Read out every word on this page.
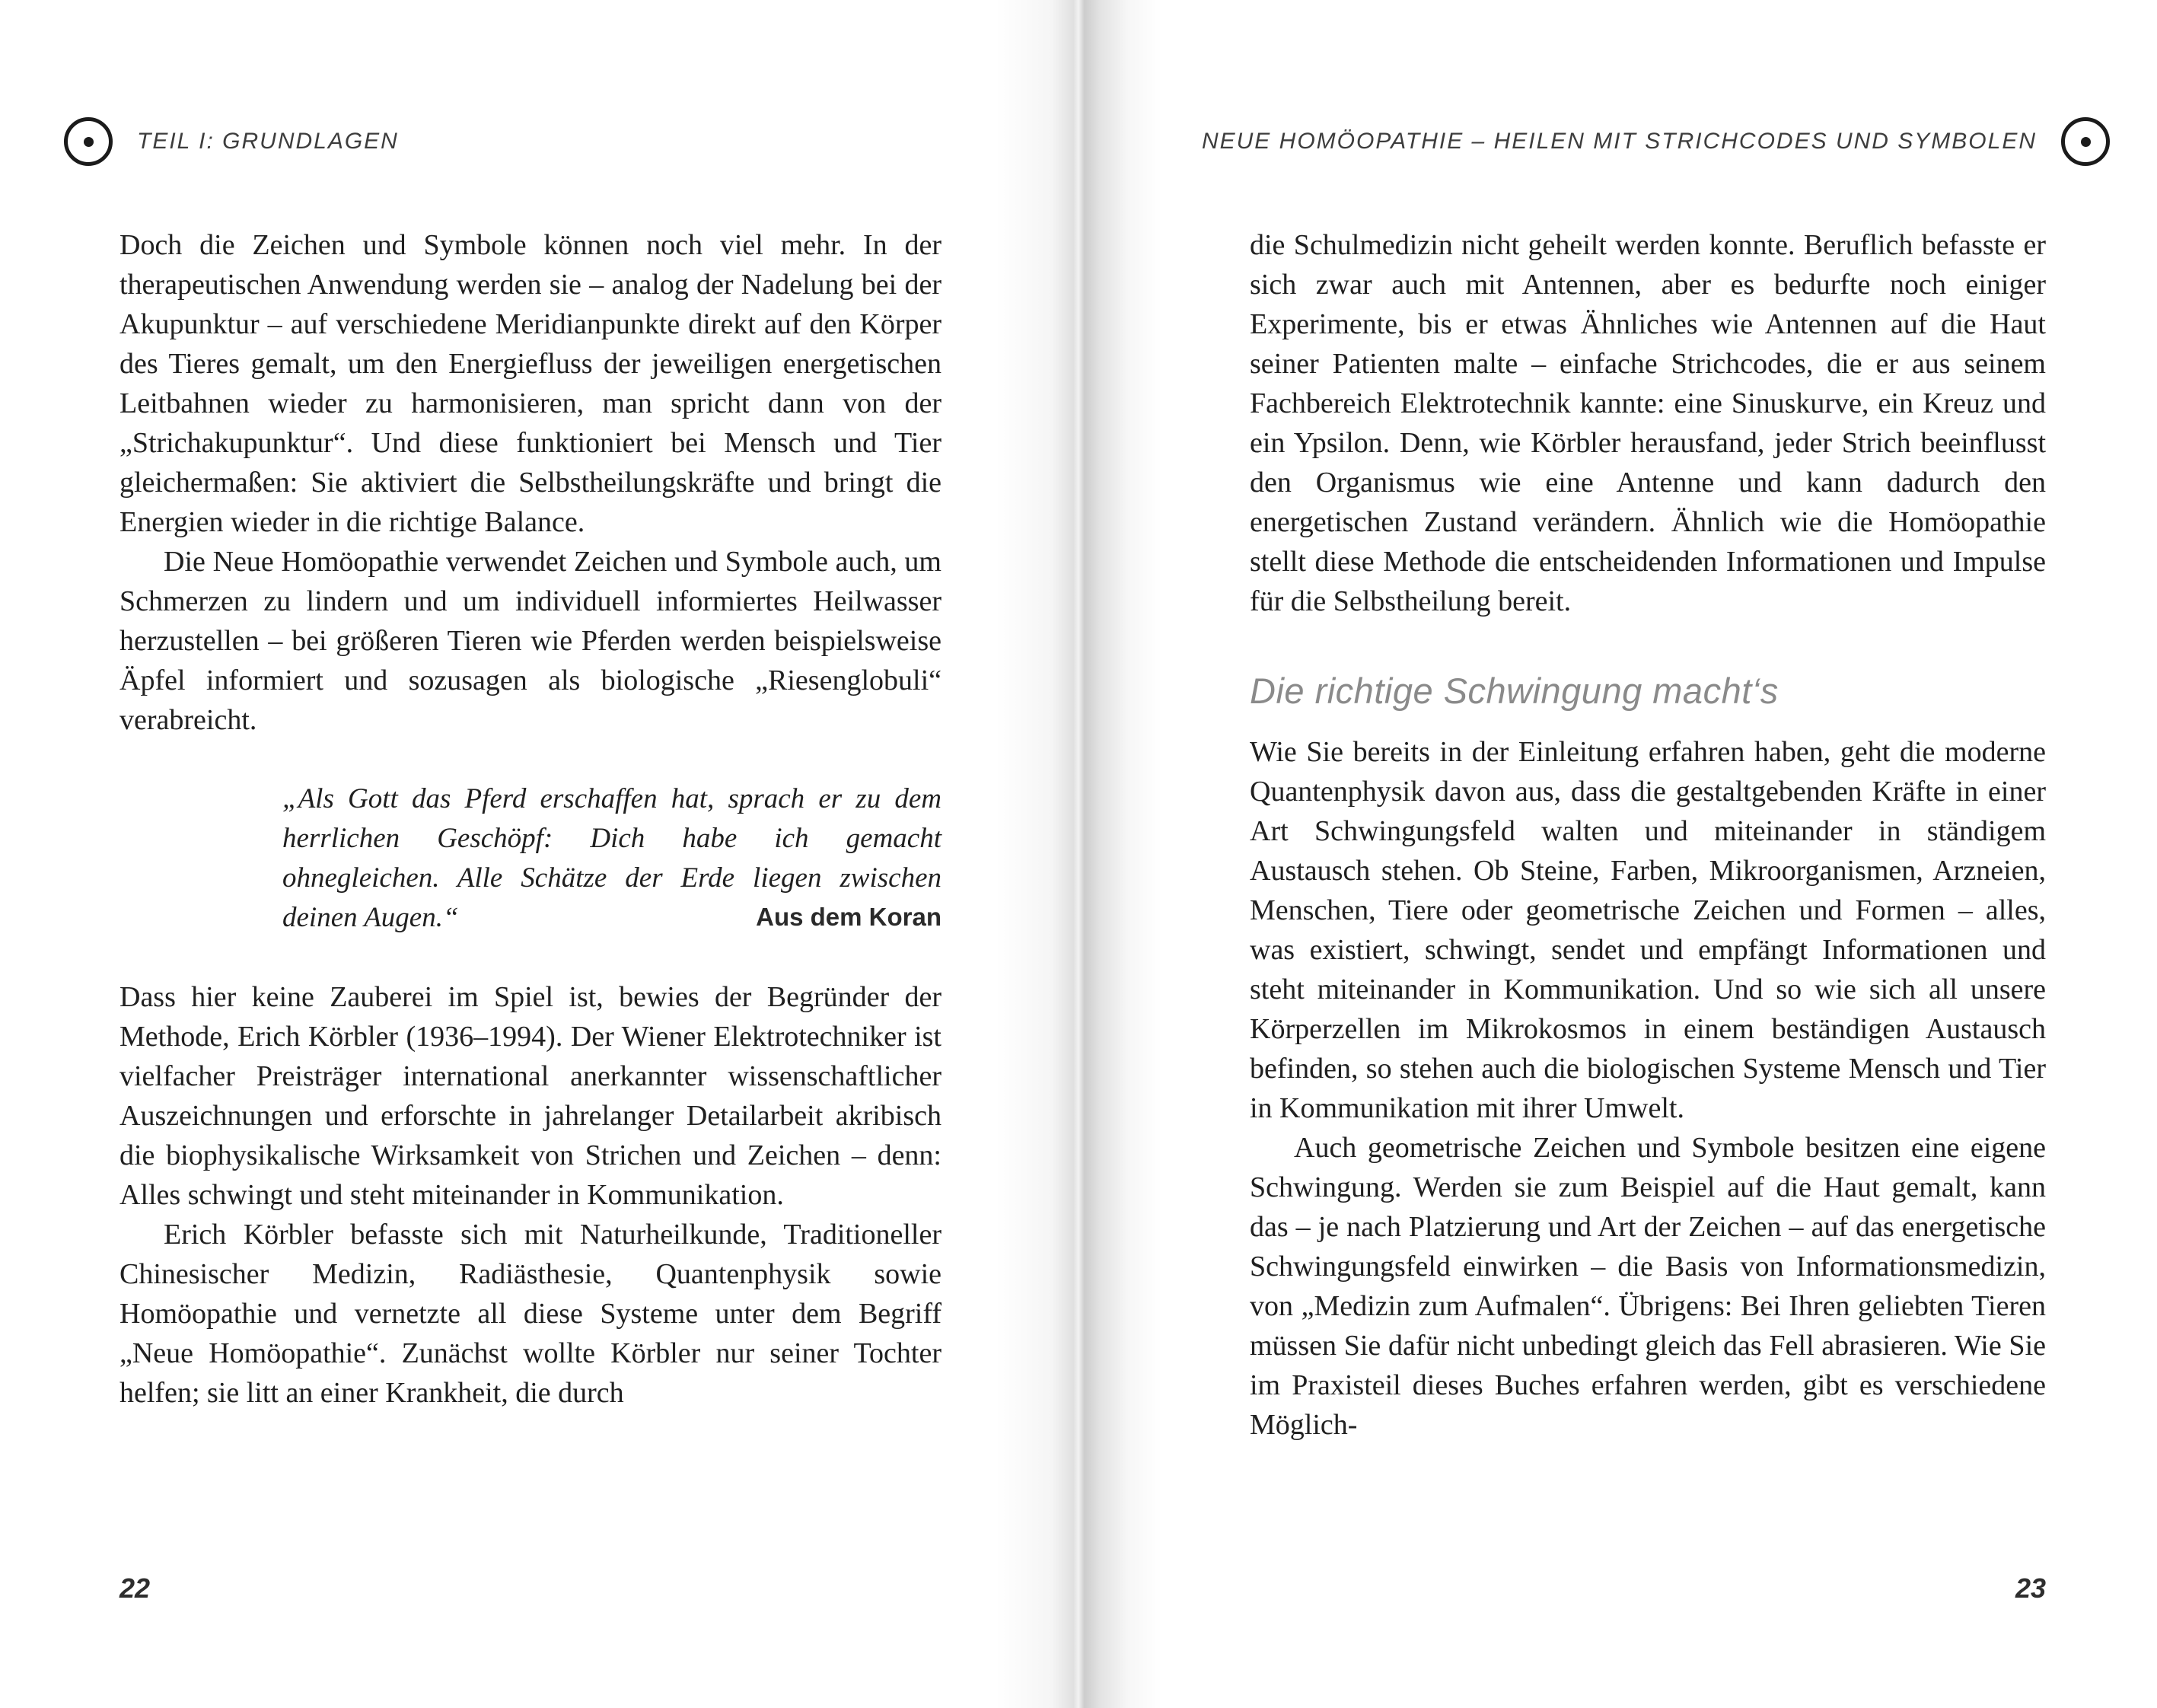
TEIL I: GRUNDLAGEN	NEUE HOMÖOPATHIE – HEILEN MIT STRICHCODES UND SYMBOLEN

Doch die Zeichen und Symbole können noch viel mehr. In der therapeutischen Anwendung werden sie – analog der Nadelung bei der Akupunktur – auf verschiedene Meridianpunkte direkt auf den Körper des Tieres gemalt, um den Energiefluss der jeweiligen energetischen Leitbahnen wieder zu harmonisieren, man spricht dann von der „Strichakupunktur“. Und diese funktioniert bei Mensch und Tier gleichermaßen: Sie aktiviert die Selbstheilungskräfte und bringt die Energien wieder in die richtige Balance.

Die Neue Homöopathie verwendet Zeichen und Symbole auch, um Schmerzen zu lindern und um individuell informiertes Heilwasser herzustellen – bei größeren Tieren wie Pferden werden beispielsweise Äpfel informiert und sozusagen als biologische „Riesenglobuli“ verabreicht.

„Als Gott das Pferd erschaffen hat, sprach er zu dem herrlichen Geschöpf: Dich habe ich gemacht ohnegleichen. Alle Schätze der Erde liegen zwischen deinen Augen.“	Aus dem Koran

Dass hier keine Zauberei im Spiel ist, bewies der Begründer der Methode, Erich Körbler (1936–1994). Der Wiener Elektrotechniker ist vielfacher Preisträger international anerkannter wissenschaftlicher Auszeichnungen und erforschte in jahrelanger Detailarbeit akribisch die biophysikalische Wirksamkeit von Strichen und Zeichen – denn: Alles schwingt und steht miteinander in Kommunikation.

Erich Körbler befasste sich mit Naturheilkunde, Traditioneller Chinesischer Medizin, Radiästhesie, Quantenphysik sowie Homöopathie und vernetzte all diese Systeme unter dem Begriff „Neue Homöopathie“. Zunächst wollte Körbler nur seiner Tochter helfen; sie litt an einer Krankheit, die durch

die Schulmedizin nicht geheilt werden konnte. Beruflich befasste er sich zwar auch mit Antennen, aber es bedurfte noch einiger Experimente, bis er etwas Ähnliches wie Antennen auf die Haut seiner Patienten malte – einfache Strichcodes, die er aus seinem Fachbereich Elektrotechnik kannte: eine Sinuskurve, ein Kreuz und ein Ypsilon. Denn, wie Körbler herausfand, jeder Strich beeinflusst den Organismus wie eine Antenne und kann dadurch den energetischen Zustand verändern. Ähnlich wie die Homöopathie stellt diese Methode die entscheidenden Informationen und Impulse für die Selbstheilung bereit.

Die richtige Schwingung macht‘s

Wie Sie bereits in der Einleitung erfahren haben, geht die moderne Quantenphysik davon aus, dass die gestaltgebenden Kräfte in einer Art Schwingungsfeld walten und miteinander in ständigem Austausch stehen. Ob Steine, Farben, Mikroorganismen, Arzneien, Menschen, Tiere oder geometrische Zeichen und Formen – alles, was existiert, schwingt, sendet und empfängt Informationen und steht miteinander in Kommunikation. Und so wie sich all unsere Körperzellen im Mikrokosmos in einem beständigen Austausch befinden, so stehen auch die biologischen Systeme Mensch und Tier in Kommunikation mit ihrer Umwelt.

Auch geometrische Zeichen und Symbole besitzen eine eigene Schwingung. Werden sie zum Beispiel auf die Haut gemalt, kann das – je nach Platzierung und Art der Zeichen – auf das energetische Schwingungsfeld einwirken – die Basis von Informationsmedizin, von „Medizin zum Aufmalen“. Übrigens: Bei Ihren geliebten Tieren müssen Sie dafür nicht unbedingt gleich das Fell abrasieren. Wie Sie im Praxisteil dieses Buches erfahren werden, gibt es verschiedene Möglich-

22	23
